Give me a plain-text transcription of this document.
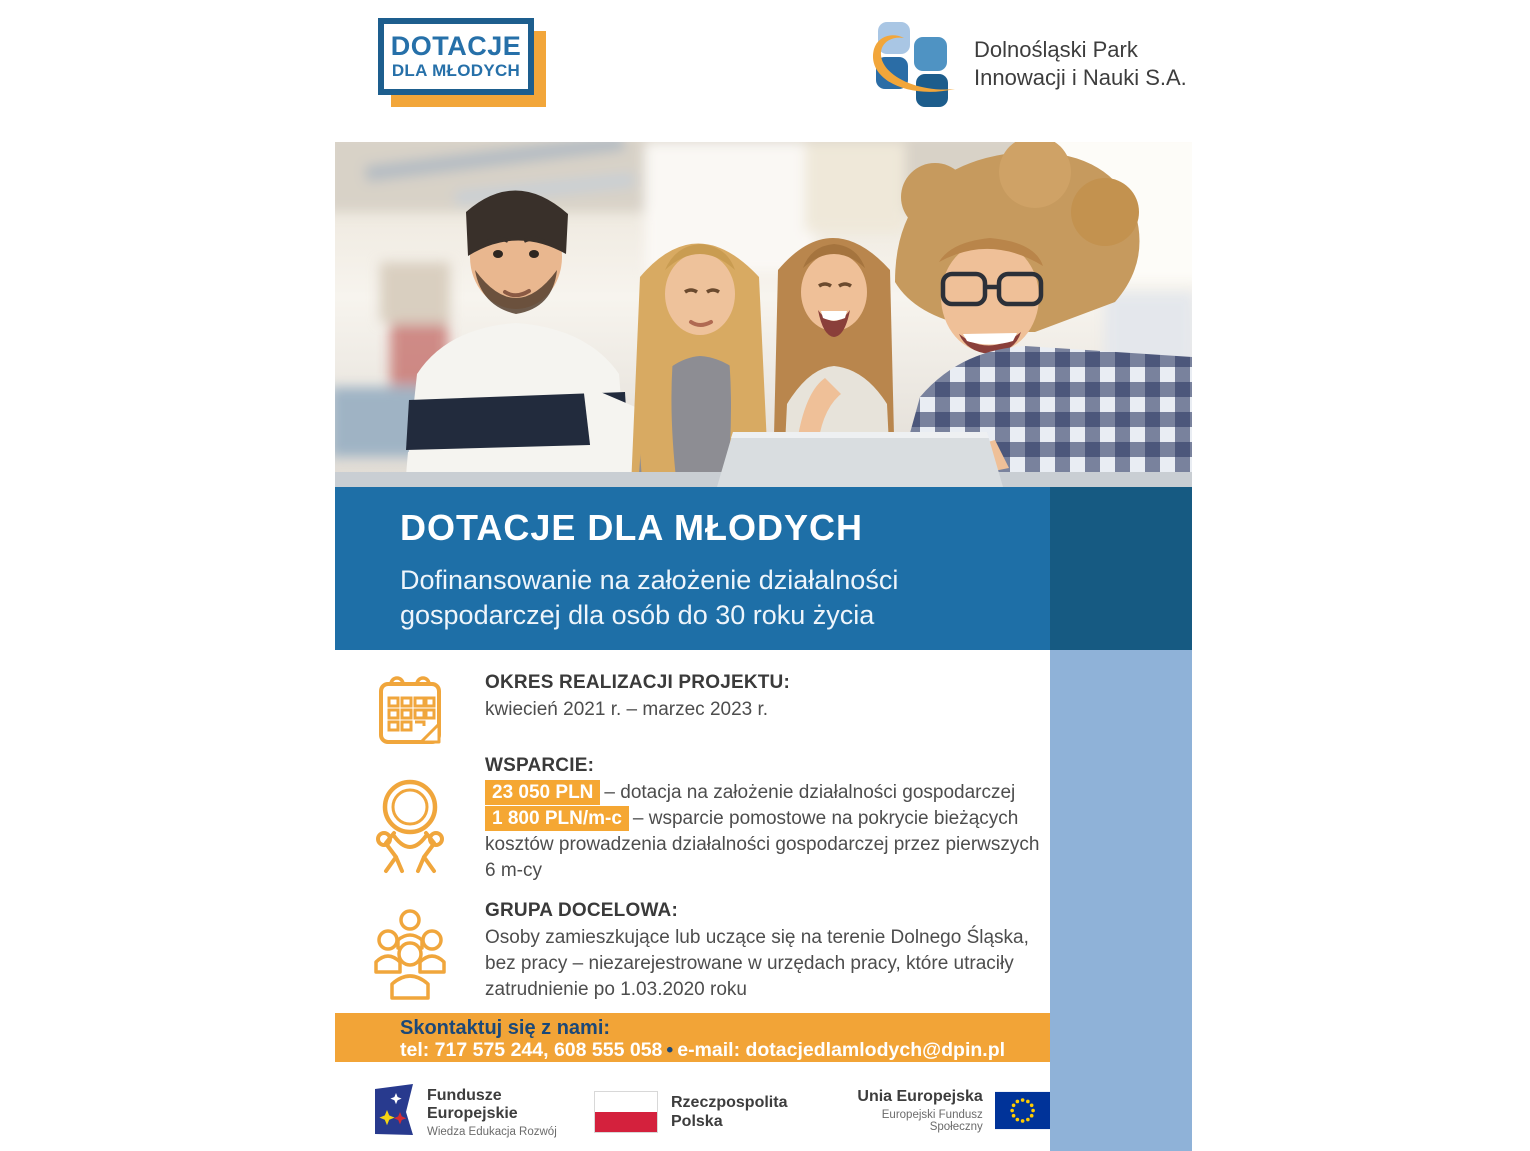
DOTACJE
DLA MŁODYCH
Dolnośląski Park
Innowacji i Nauki S.A.
DOTACJE DLA MŁODYCH
Dofinansowanie na założenie działalności gospodarczej dla osób do 30 roku życia
OKRES REALIZACJI PROJEKTU:
kwiecień 2021 r. – marzec 2023 r.
WSPARCIE:
23 050 PLN – dotacja na założenie działalności gospodarczej
1 800 PLN/m-c – wsparcie pomostowe na pokrycie bieżących kosztów prowadzenia działalności gospodarczej przez pierwszych 6 m-cy
GRUPA DOCELOWA:
Osoby zamieszkujące lub uczące się na terenie Dolnego Śląska, bez pracy – niezarejestrowane w urzędach pracy, które utraciły zatrudnienie po 1.03.2020 roku
Skontaktuj się z nami:
tel: 717 575 244, 608 555 058 • e-mail: dotacjedlamlodych@dpin.pl
Fundusze
Europejskie
Wiedza Edukacja Rozwój
Rzeczpospolita
Polska
Unia Europejska
Europejski Fundusz Społeczny
